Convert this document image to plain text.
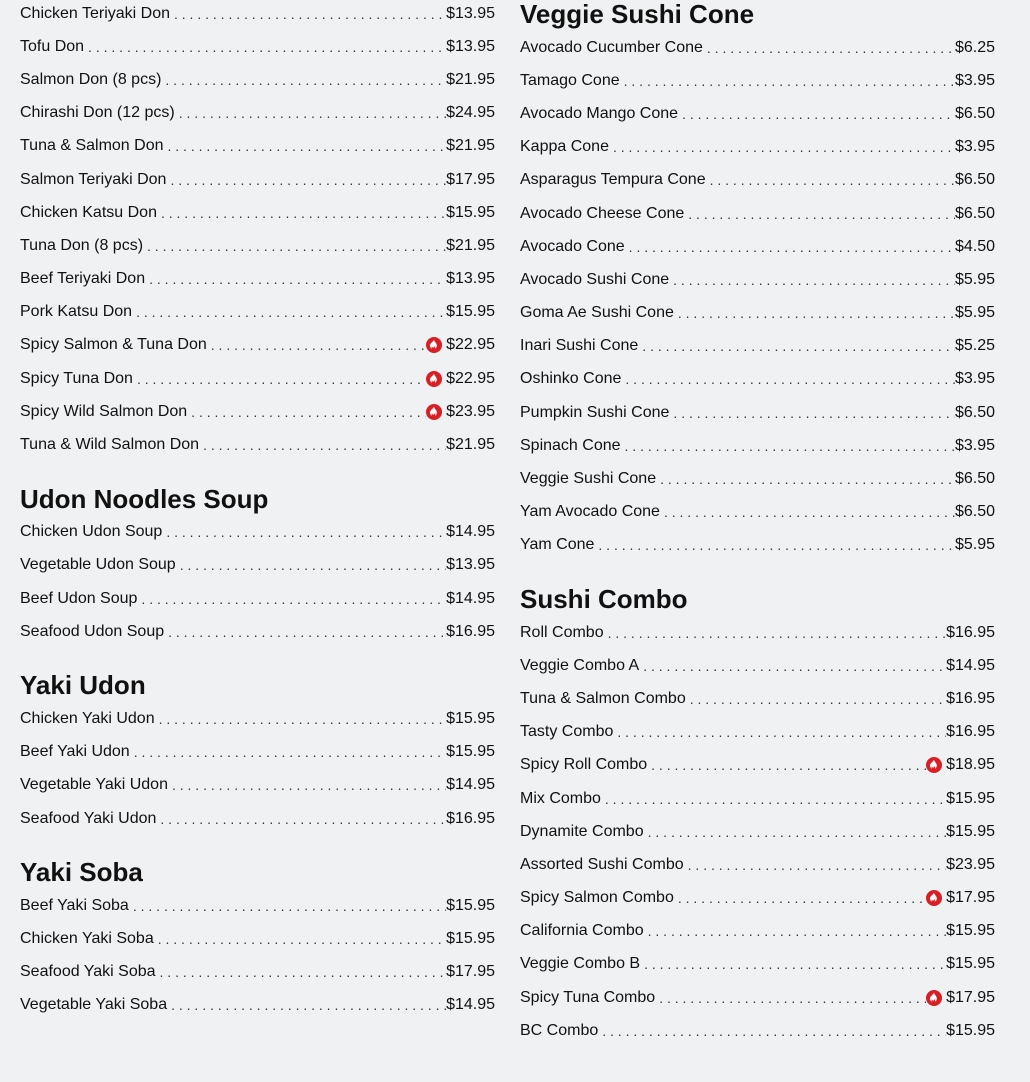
Chicken Teriyaki Don . . .	$13.95
Tofu Don . . .	$13.95
Salmon Don (8 pcs) . . .	$21.95
Chirashi Don (12 pcs) . . .	$24.95
Tuna & Salmon Don . . .	$21.95
Salmon Teriyaki Don . . .	$17.95
Chicken Katsu Don . . .	$15.95
Tuna Don (8 pcs) . . .	$21.95
Beef Teriyaki Don . . .	$13.95
Pork Katsu Don . . .	$15.95
Spicy Salmon & Tuna Don . . .	$22.95
Spicy Tuna Don . . .	$22.95
Spicy Wild Salmon Don . . .	$23.95
Tuna & Wild Salmon Don . . .	$21.95
Udon Noodles Soup
Chicken Udon Soup . . .	$14.95
Vegetable Udon Soup . . .	$13.95
Beef Udon Soup . . .	$14.95
Seafood Udon Soup . . .	$16.95
Yaki Udon
Chicken Yaki Udon . . .	$15.95
Beef Yaki Udon . . .	$15.95
Vegetable Yaki Udon . . .	$14.95
Seafood Yaki Udon . . .	$16.95
Yaki Soba
Beef Yaki Soba . . .	$15.95
Chicken Yaki Soba . . .	$15.95
Seafood Yaki Soba . . .	$17.95
Vegetable Yaki Soba . . .	$14.95
Veggie Sushi Cone
Avocado Cucumber Cone . . .	$6.25
Tamago Cone . . .	$3.95
Avocado Mango Cone . . .	$6.50
Kappa Cone . . .	$3.95
Asparagus Tempura Cone . . .	$6.50
Avocado Cheese Cone . . .	$6.50
Avocado Cone . . .	$4.50
Avocado Sushi Cone . . .	$5.95
Goma Ae Sushi Cone . . .	$5.95
Inari Sushi Cone . . .	$5.25
Oshinko Cone . . .	$3.95
Pumpkin Sushi Cone . . .	$6.50
Spinach Cone . . .	$3.95
Veggie Sushi Cone . . .	$6.50
Yam Avocado Cone . . .	$6.50
Yam Cone . . .	$5.95
Sushi Combo
Roll Combo . . .	$16.95
Veggie Combo A . . .	$14.95
Tuna & Salmon Combo . . .	$16.95
Tasty Combo . . .	$16.95
Spicy Roll Combo . . .	$18.95
Mix Combo . . .	$15.95
Dynamite Combo . . .	$15.95
Assorted Sushi Combo . . .	$23.95
Spicy Salmon Combo . . .	$17.95
California Combo . . .	$15.95
Veggie Combo B . . .	$15.95
Spicy Tuna Combo . . .	$17.95
BC Combo . . .	$15.95
